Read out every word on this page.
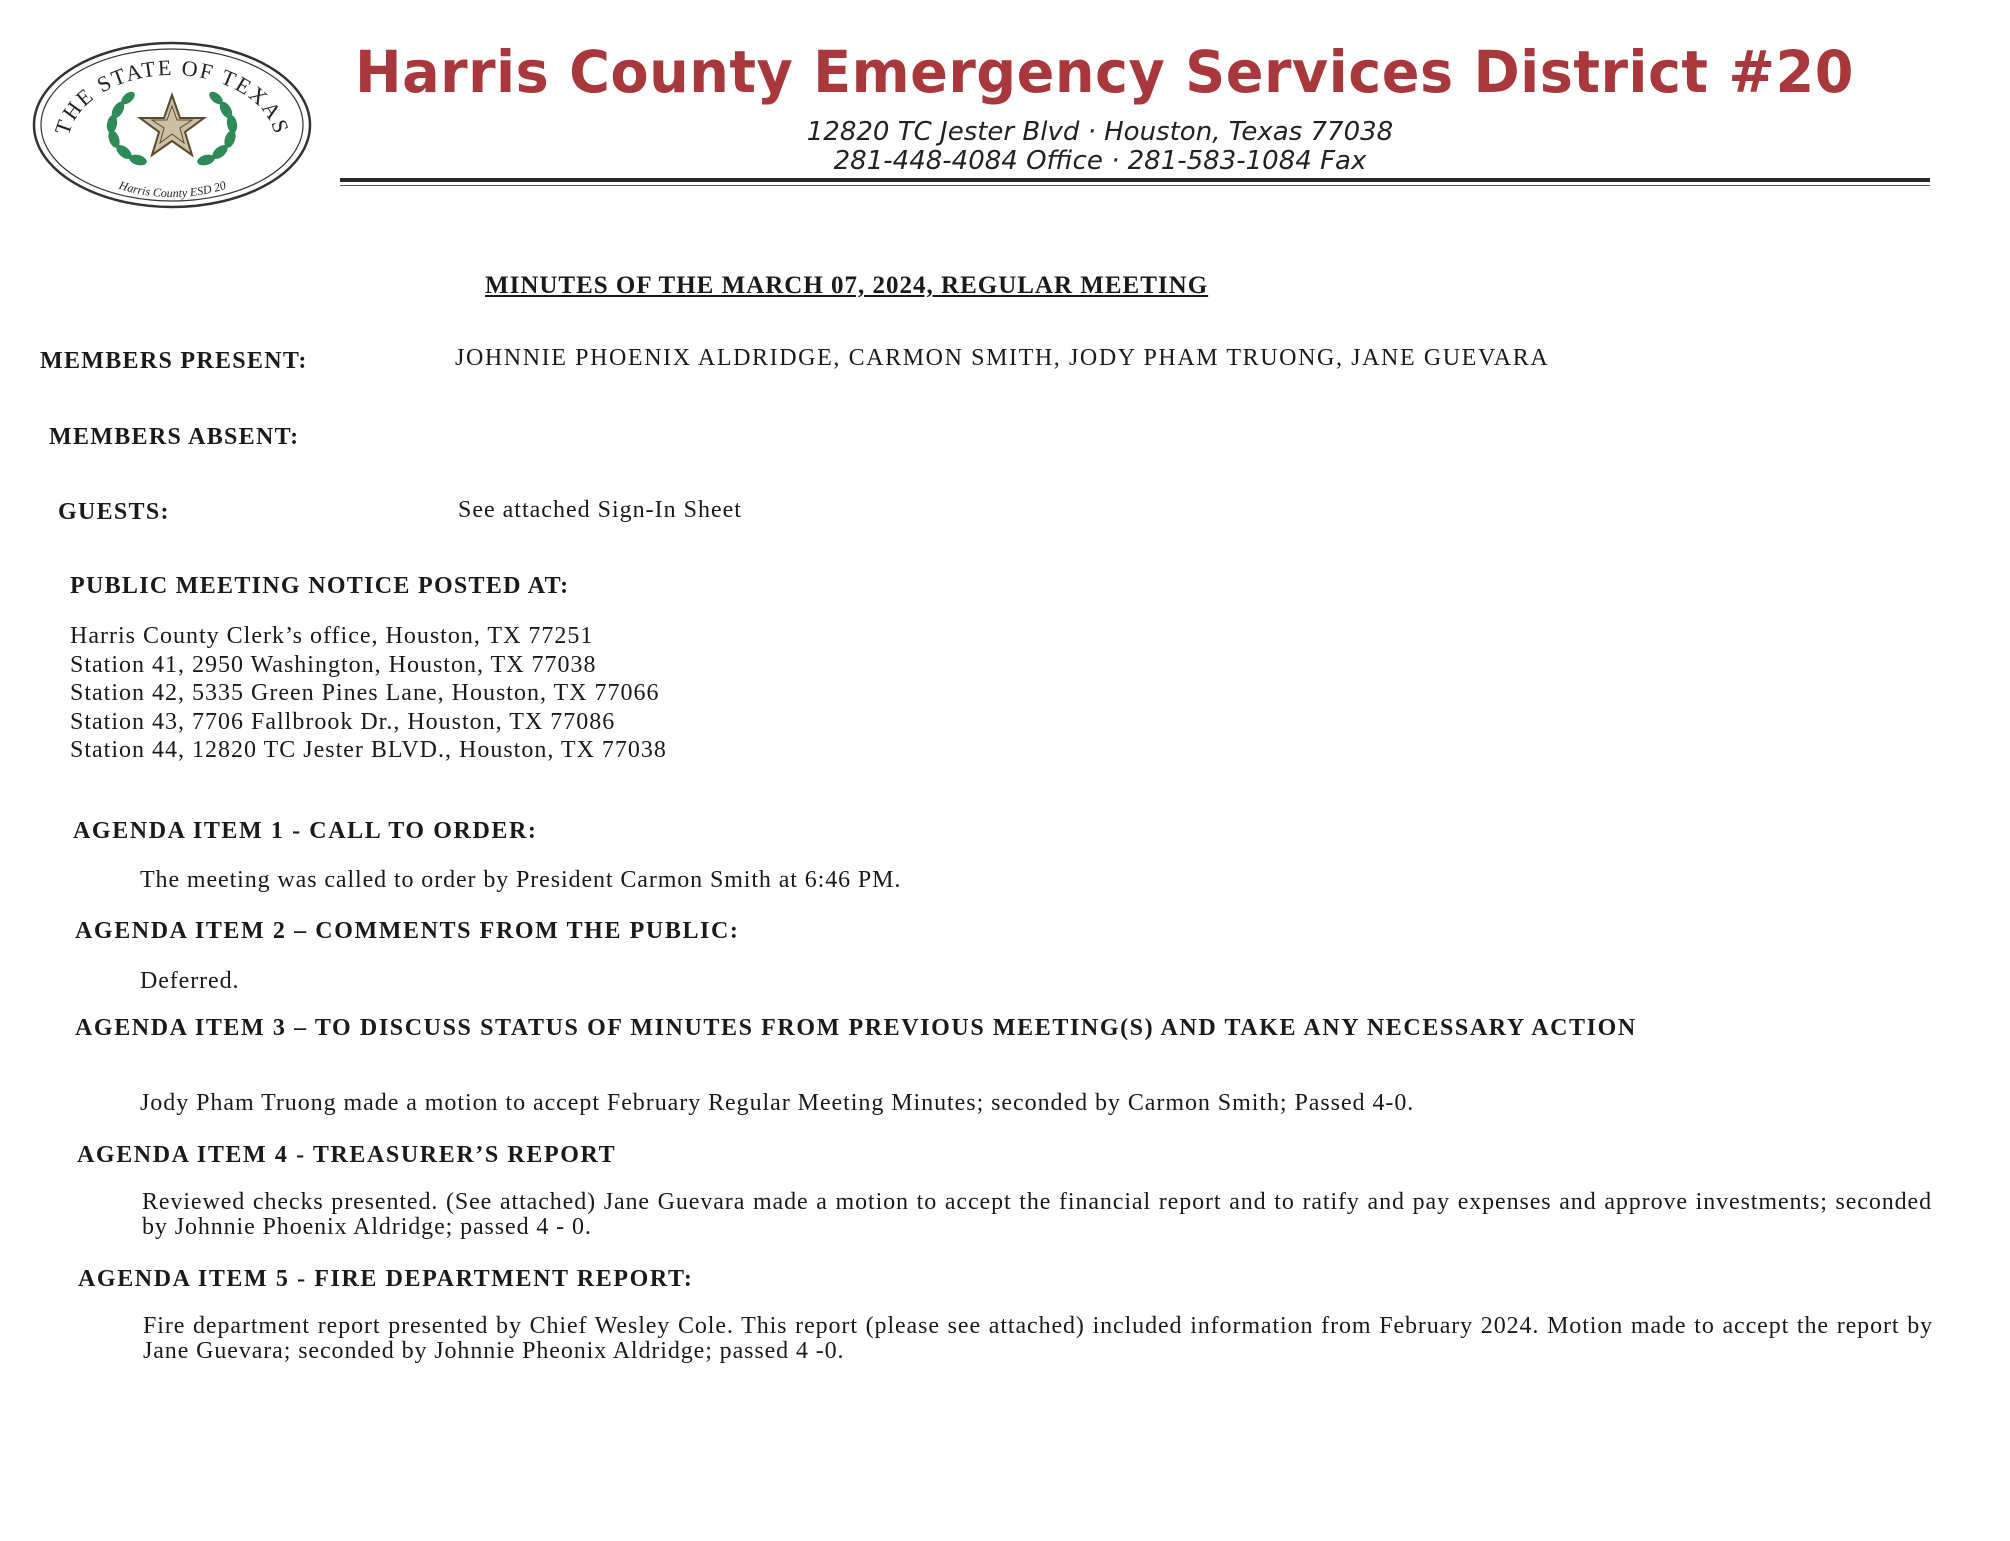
THE STATE OF TEXAS
Harris County ESD 20
Harris County Emergency Services District #20
12820 TC Jester Blvd · Houston, Texas 77038
281-448-4084 Office · 281-583-1084 Fax
MINUTES OF THE MARCH 07, 2024, REGULAR MEETING
MEMBERS PRESENT:	JOHNNIE PHOENIX ALDRIDGE, CARMON SMITH, JODY PHAM TRUONG, JANE GUEVARA
MEMBERS ABSENT:
GUESTS:	See attached Sign-In Sheet
PUBLIC MEETING NOTICE POSTED AT:
Harris County Clerk’s office, Houston, TX 77251
Station 41, 2950 Washington, Houston, TX 77038
Station 42, 5335 Green Pines Lane, Houston, TX 77066
Station 43, 7706 Fallbrook Dr., Houston, TX 77086
Station 44, 12820 TC Jester BLVD., Houston, TX 77038
AGENDA ITEM 1 - CALL TO ORDER:
The meeting was called to order by President Carmon Smith at 6:46 PM.
AGENDA ITEM 2 – COMMENTS FROM THE PUBLIC:
Deferred.
AGENDA ITEM 3 – TO DISCUSS STATUS OF MINUTES FROM PREVIOUS MEETING(S) AND TAKE ANY NECESSARY ACTION
Jody Pham Truong made a motion to accept February Regular Meeting Minutes; seconded by Carmon Smith; Passed 4-0.
AGENDA ITEM 4 - TREASURER’S REPORT
Reviewed checks presented. (See attached) Jane Guevara made a motion to accept the financial report and to ratify and pay expenses and approve investments; seconded by Johnnie Phoenix Aldridge; passed 4 - 0.
AGENDA ITEM 5 - FIRE DEPARTMENT REPORT:
Fire department report presented by Chief Wesley Cole. This report (please see attached) included information from February 2024. Motion made to accept the report by Jane Guevara; seconded by Johnnie Pheonix Aldridge; passed 4 -0.
